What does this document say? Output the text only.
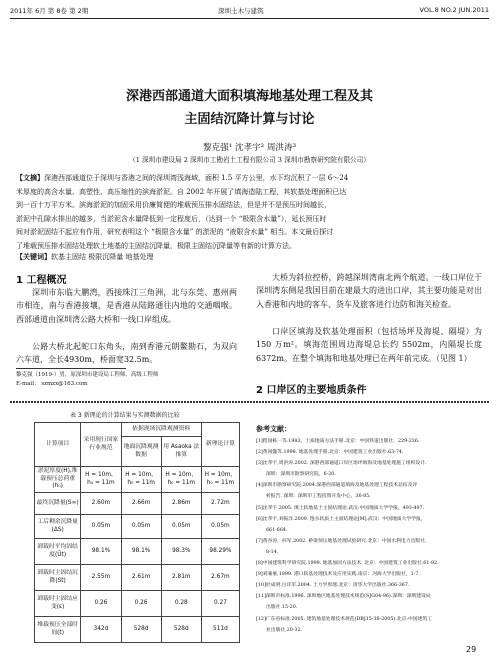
2011年 6月 第 8卷 第 2期	深圳土木与建筑	VOL.8 NO.2 JUN.2011
深港西部通道大面积填海地基处理工程及其
主固结沉降计算与讨论
黎克强¹ 沈孝宇² 周洪涛³
（1 深圳市建设局 2 深圳市工勘岩土工程有限公司 3 深圳市勘察研究院有限公司）
【文摘】深港西部通道位于深圳与香港之间的深圳湾浅海域，面积 1.5 平方公里，水下均沉积了一层 6～24
米厚度的高含水量、高塑性、高压缩性的滨海淤泥。自 2002 年开展了填海造陆工程，其软基处理面积已达
到一百十万平方米。滨海淤泥的加固采用价廉简便的堆载预压排水固结法，但是并不是预压时间越长，
淤泥中孔隙水排出的越多，当淤泥含水量降低到一定程度后，（达到一个 “极限含水量”），延长预压时
间对淤泥固结不起应有作用，研究表明这个 “极限含水量” 的淤泥的 “液限含水量” 相当。本文最后探讨
了堆载预压排水固结处理软土地基的主固结沉降量，极限主固结沉降量等有新的计算方法。
【关键词】软基主固结 极限沉降量 地基处理
1 工程概况
深圳市东临大鹏湾，西接珠江三角洲，北与东莞、惠州两市相连，南与香港接壤，是香港从陆路通往内地的交通咽喉。西部通道由深圳湾公路大桥和一线口岸组成。
公路大桥北起蛇口东角头，南到香港元朗鳌勘石，为双向六车道，全长4930m，桥面宽32.5m。
黎克强（1919-）男，原深圳市建设局工程师，高级工程师
E-mail： szmzx@163.com
大桥为斜拉控桥，跨越深圳湾南北两个航道。一线口岸位于深圳湾东侧是我国目前在建最大的进出口岸，其主要功能是对出入香港和内地的客车、货车及旅客进行边防和海关检查。
口岸区填海及软基处理面积（包括场坪及海堤、隔堤）为 150 万m²。填海范围周边海堤总长约 5502m，内隔堤长度 6372m。在整个填海和地基处理已在两年前完成。（见图 1）
2 口岸区的主要地质条件
表 3 新理论的计算结果与实测数据的比较
计算项目	采用现行国家行业规范	依据现场沉降观测资料		新理论计算
		地面沉降观测数据	用 Asaoka 法推算	

淤泥厚度(H),堆载预压总荷重(h₀)	H = 10m，h₀ = 11m	H = 10m，h₀ = 11m	H = 10m，h₀ = 11m	H = 10m，h₀ = 11m
最终沉降量(S∞)	2.60m	2.66m	2.86m	2.72m
工后剩余沉降量(ΔS)	0.05m	0.05m	0.05m	0.05m
卸载时平均固结度(Ūt)	98.1%	98.1%	98.3%	98.29%
卸载时主固结沉降(St)	2.55m	2.61m	2.81m	2.67m
卸载时主固结应变(ε)	0.26	0.26	0.28	0.27
堆载预压全部时间(t)	342d	528d	528d	511d
参考文献：
[1]程国栋一等.1983。土质地质方法手册.北京：中国铁道出版社，229-236.
[2]黄国懿等.1998. 地基处理手册.北京：中国建筑工业出版社.63-74.
[3]沈孝宇,周洪涛.2002. 深港西部通道口岸区场坪填海及地基处理施工组织设计.
深圳：深圳市勘察研究院，6-20.
[4]深圳市勘察研究院.2004.深港西部通道填海及地基处理工程技术总结及评
析报告. 深圳：深圳市工程投资开发中心，36-85.
[5]沈孝宇.2005. 填土软地基土主固结理论.武汉:中国地质大学学报，493-497.
[6]沈孝宇,刘振洋.2009. 饱水软质土主固结理论[M].武汉：中国地质大学学报，
661-664.
[7]黄谷涛，何军.2002. 桥梁预压地基处理试验研究.北京：中国水利电力出版社，
8-14.
[8]中国建筑科学研究院.1999. 地基加固方法技术. 北京：中国建筑工业出版社,61-92.
[9]刘兼豪,1999. 港口软基处理技术及应用实践.南京：河海大学出版社，1-7.
[10]杜成明.白洋军.2004. 土力学原理.北京：清华大学出版社.366-367.
[11]深圳市标准.1996. 深圳地区地基处理技术规范(SJG04-96).深圳：深圳建设局
出版社.15-20.
[12]广东省标准.2005. 建筑地基处理技术规范(DBJ15-38-2005).北京:中国建筑工
业出版社,20-32.
29
